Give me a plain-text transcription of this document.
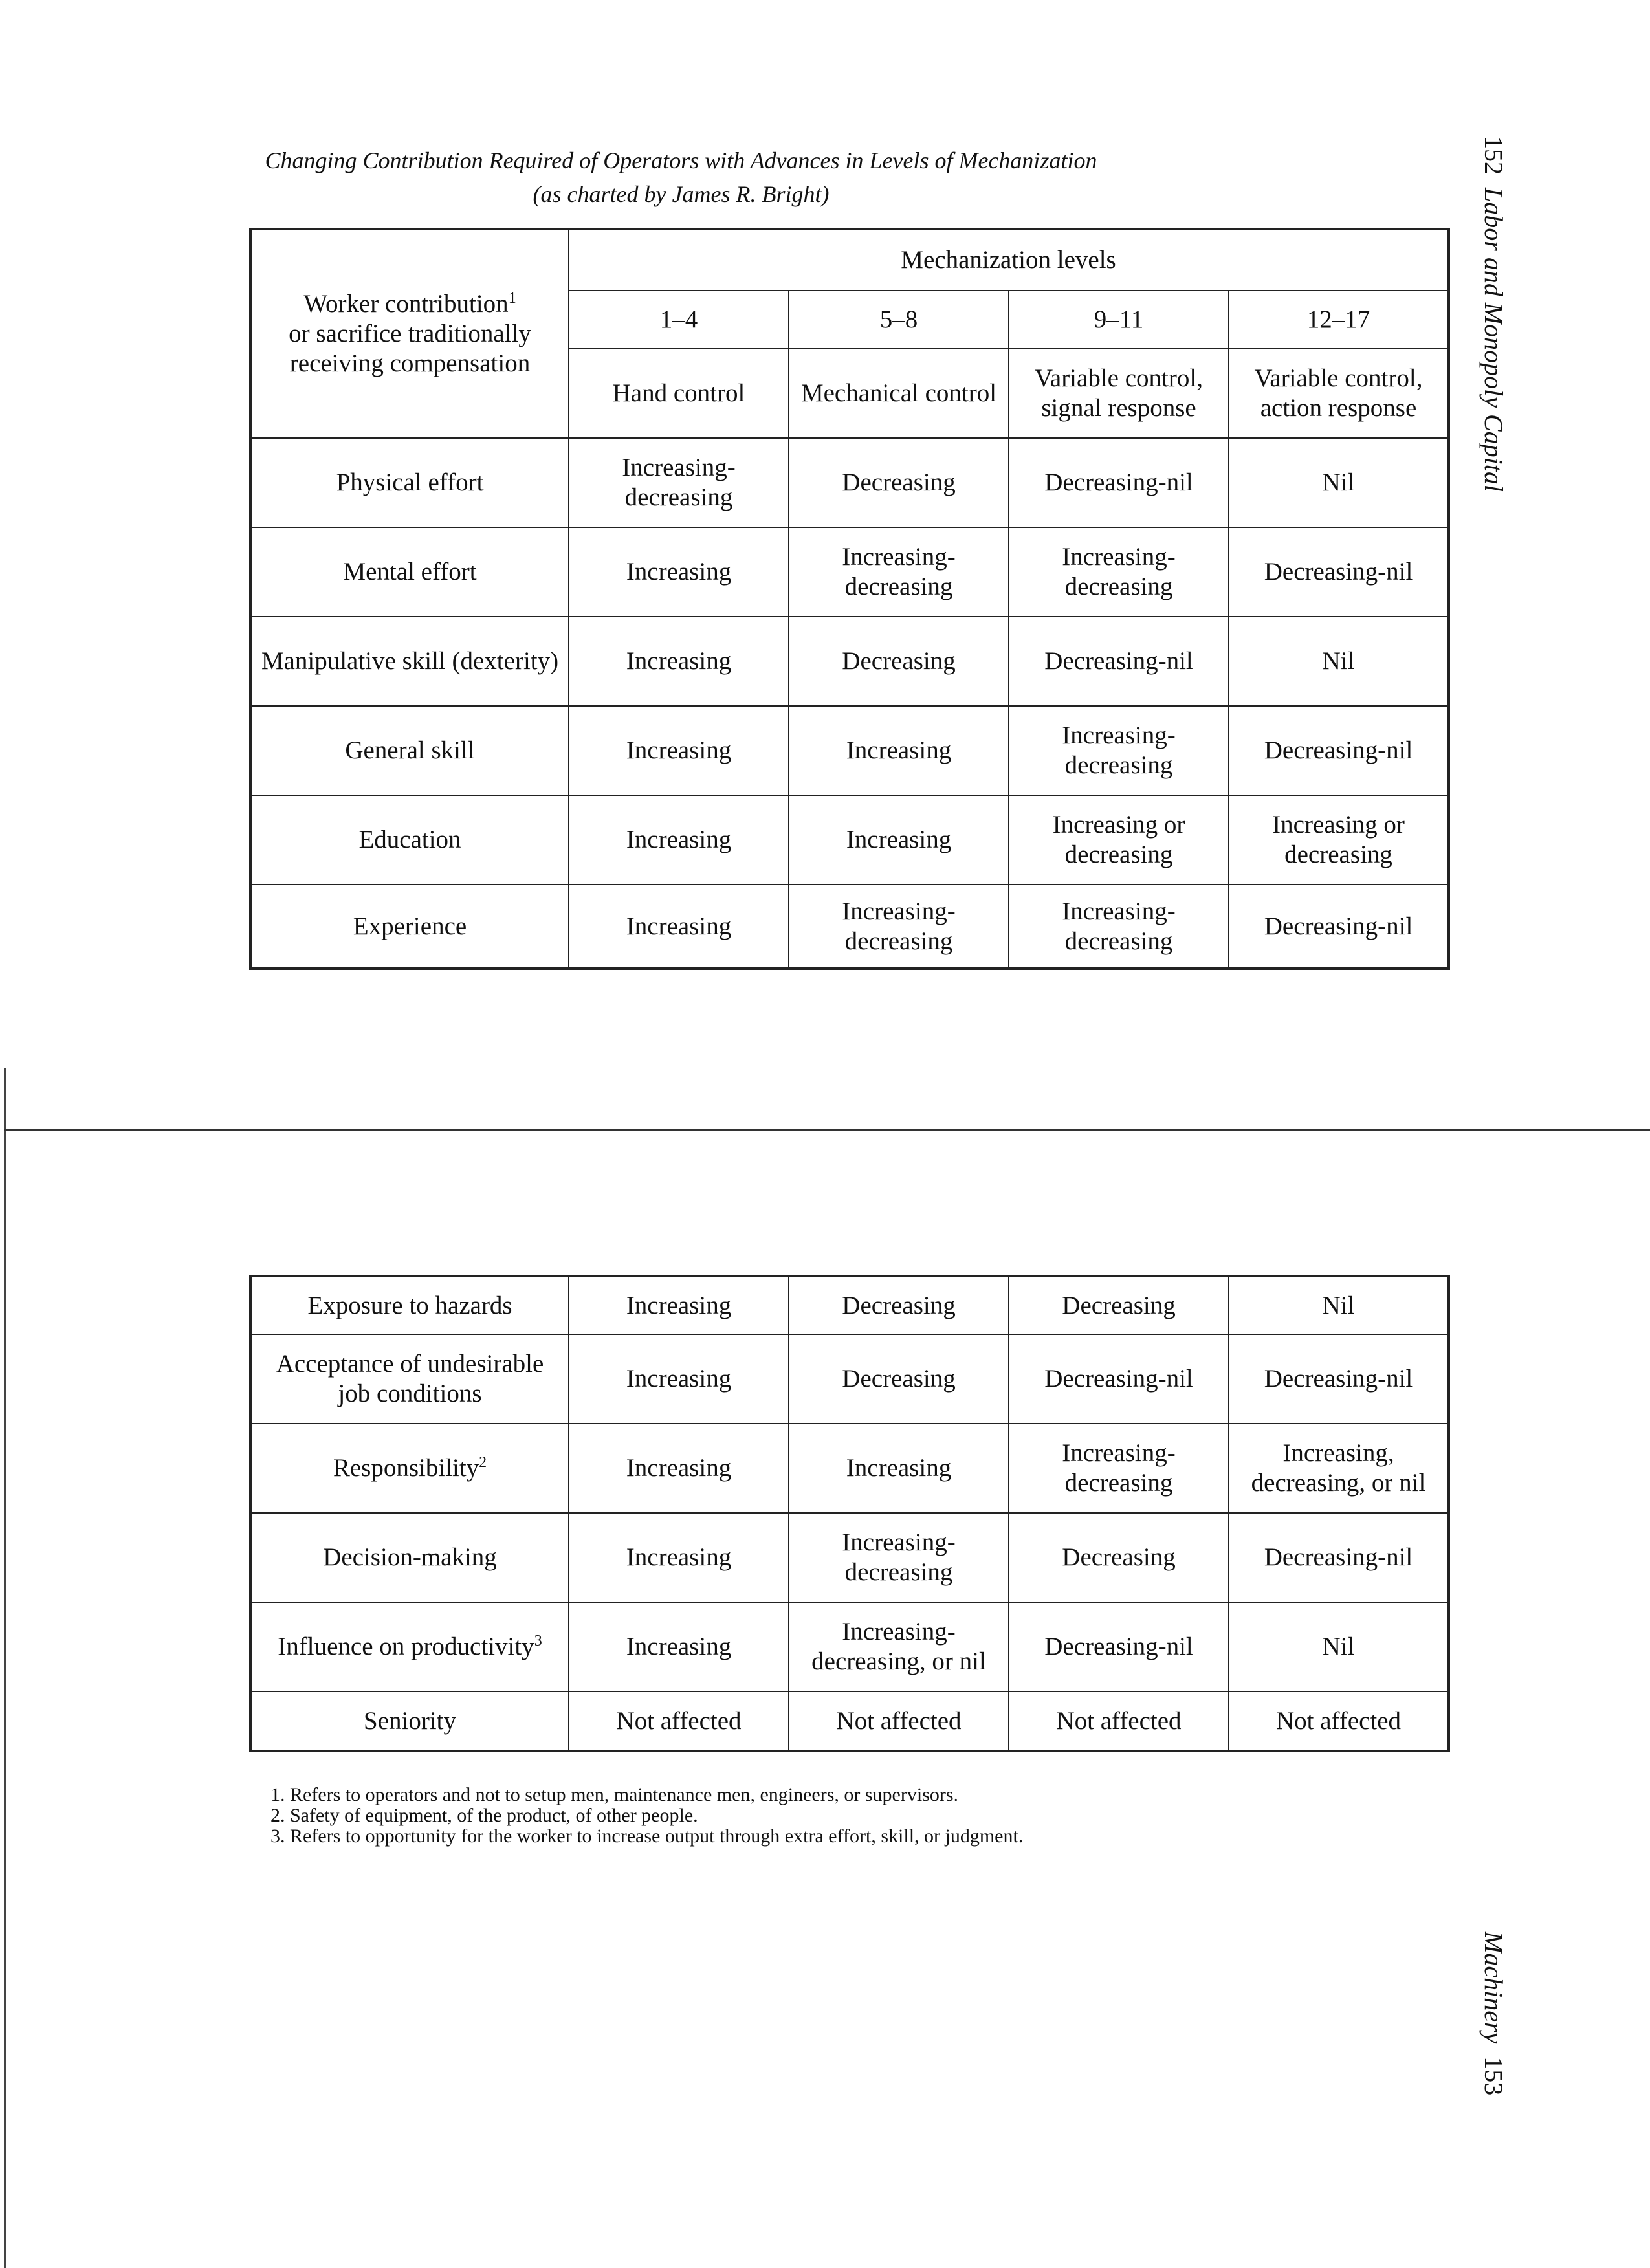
Changing Contribution Required of Operators with Advances in Levels of Mechanization
(as charted by James R. Bright)
152  Labor and Monopoly Capital
Worker contribution$^1$
or sacrifice traditionally receiving compensation	Mechanization levels			
	1–4	5–8	9–11	12–17
	Hand control	Mechanical control	Variable control, signal response	Variable control, action response
Physical effort	Increasing-decreasing	Decreasing	Decreasing-nil	Nil
Mental effort	Increasing	Increasing-decreasing	Increasing-decreasing	Decreasing-nil
Manipulative skill (dexterity)	Increasing	Decreasing	Decreasing-nil	Nil
General skill	Increasing	Increasing	Increasing-decreasing	Decreasing-nil
Education	Increasing	Increasing	Increasing or decreasing	Increasing or decreasing
Experience	Increasing	Increasing-decreasing	Increasing-decreasing	Decreasing-nil
Exposure to hazards	Increasing	Decreasing	Decreasing	Nil
Acceptance of undesirable job conditions	Increasing	Decreasing	Decreasing-nil	Decreasing-nil
Responsibility$^2$	Increasing	Increasing	Increasing-decreasing	Increasing, decreasing, or nil
Decision-making	Increasing	Increasing-decreasing	Decreasing	Decreasing-nil
Influence on productivity$^3$	Increasing	Increasing-decreasing, or nil	Decreasing-nil	Nil
Seniority	Not affected	Not affected	Not affected	Not affected
1. Refers to operators and not to setup men, maintenance men, engineers, or supervisors.
2. Safety of equipment, of the product, of other people.
3. Refers to opportunity for the worker to increase output through extra effort, skill, or judgment.
Machinery  153
